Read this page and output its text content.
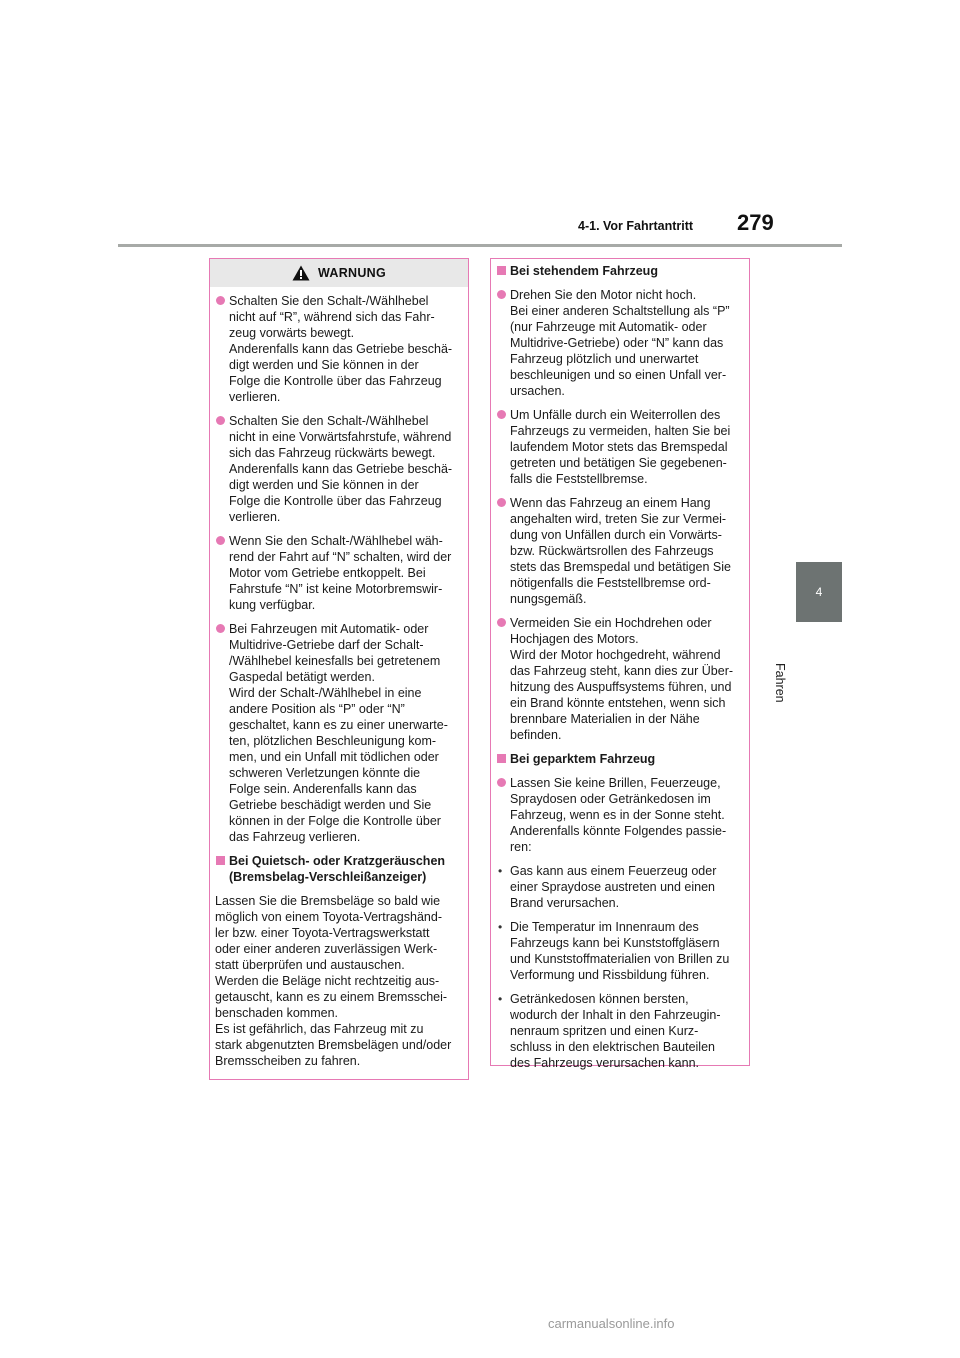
4-1. Vor Fahrtantritt 279
4
Fahren
WARNUNG
Schalten Sie den Schalt-/Wählhebel
nicht auf “R”, während sich das Fahr-
zeug vorwärts bewegt.
Anderenfalls kann das Getriebe beschä-
digt werden und Sie können in der
Folge die Kontrolle über das Fahrzeug
verlieren.
Schalten Sie den Schalt-/Wählhebel
nicht in eine Vorwärtsfahrstufe, während
sich das Fahrzeug rückwärts bewegt.
Anderenfalls kann das Getriebe beschä-
digt werden und Sie können in der
Folge die Kontrolle über das Fahrzeug
verlieren.
Wenn Sie den Schalt-/Wählhebel wäh-
rend der Fahrt auf “N” schalten, wird der
Motor vom Getriebe entkoppelt. Bei
Fahrstufe “N” ist keine Motorbremswir-
kung verfügbar.
Bei Fahrzeugen mit Automatik- oder
Multidrive-Getriebe darf der Schalt-
/Wählhebel keinesfalls bei getretenem
Gaspedal betätigt werden.
Wird der Schalt-/Wählhebel in eine
andere Position als “P” oder “N”
geschaltet, kann es zu einer unerwarte-
ten, plötzlichen Beschleunigung kom-
men, und ein Unfall mit tödlichen oder
schweren Verletzungen könnte die
Folge sein. Anderenfalls kann das
Getriebe beschädigt werden und Sie
können in der Folge die Kontrolle über
das Fahrzeug verlieren.
Bei Quietsch- oder Kratzgeräuschen
(Bremsbelag-Verschleißanzeiger)
Lassen Sie die Bremsbeläge so bald wie
möglich von einem Toyota-Vertragshänd-
ler bzw. einer Toyota-Vertragswerkstatt
oder einer anderen zuverlässigen Werk-
statt überprüfen und austauschen.
Werden die Beläge nicht rechtzeitig aus-
getauscht, kann es zu einem Bremsschei-
benschaden kommen.
Es ist gefährlich, das Fahrzeug mit zu
stark abgenutzten Bremsbelägen und/oder
Bremsscheiben zu fahren.
Bei stehendem Fahrzeug
Drehen Sie den Motor nicht hoch.
Bei einer anderen Schaltstellung als “P”
(nur Fahrzeuge mit Automatik- oder
Multidrive-Getriebe) oder “N” kann das
Fahrzeug plötzlich und unerwartet
beschleunigen und so einen Unfall ver-
ursachen.
Um Unfälle durch ein Weiterrollen des
Fahrzeugs zu vermeiden, halten Sie bei
laufendem Motor stets das Bremspedal
getreten und betätigen Sie gegebenen-
falls die Feststellbremse.
Wenn das Fahrzeug an einem Hang
angehalten wird, treten Sie zur Vermei-
dung von Unfällen durch ein Vorwärts-
bzw. Rückwärtsrollen des Fahrzeugs
stets das Bremspedal und betätigen Sie
nötigenfalls die Feststellbremse ord-
nungsgemäß.
Vermeiden Sie ein Hochdrehen oder
Hochjagen des Motors.
Wird der Motor hochgedreht, während
das Fahrzeug steht, kann dies zur Über-
hitzung des Auspuffsystems führen, und
ein Brand könnte entstehen, wenn sich
brennbare Materialien in der Nähe
befinden.
Bei geparktem Fahrzeug
Lassen Sie keine Brillen, Feuerzeuge,
Spraydosen oder Getränkedosen im
Fahrzeug, wenn es in der Sonne steht.
Anderenfalls könnte Folgendes passie-
ren:
•
Gas kann aus einem Feuerzeug oder
einer Spraydose austreten und einen
Brand verursachen.
•
Die Temperatur im Innenraum des
Fahrzeugs kann bei Kunststoffgläsern
und Kunststoffmaterialien von Brillen zu
Verformung und Rissbildung führen.
•
Getränkedosen können bersten,
wodurch der Inhalt in den Fahrzeugin-
nenraum spritzen und einen Kurz-
schluss in den elektrischen Bauteilen
des Fahrzeugs verursachen kann.
carmanualsonline.info
